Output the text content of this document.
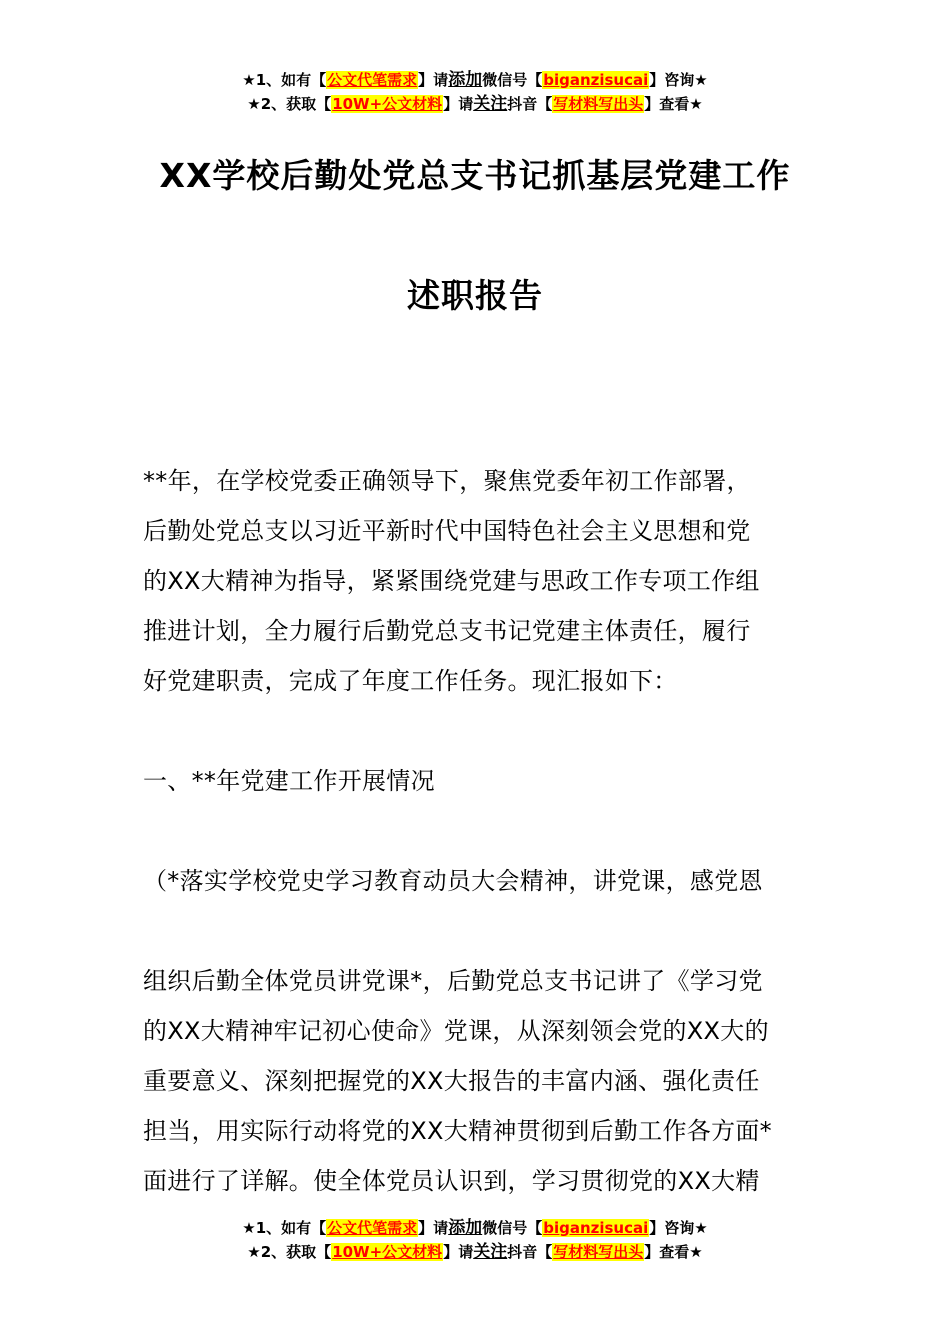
★1、如有【公文代笔需求】请添加微信号【biganzisucai】咨询★
★2、获取【10W+公文材料】请关注抖音【写材料写出头】查看★
XX学校后勤处党总支书记抓基层党建工作
述职报告
**年，在学校党委正确领导下，聚焦党委年初工作部署，
后勤处党总支以习近平新时代中国特色社会主义思想和党
的XX大精神为指导，紧紧围绕党建与思政工作专项工作组
推进计划，全力履行后勤党总支书记党建主体责任，履行
好党建职责，完成了年度工作任务。现汇报如下：
一、**年党建工作开展情况
（*落实学校党史学习教育动员大会精神，讲党课，感党恩
组织后勤全体党员讲党课*，后勤党总支书记讲了《学习党
的XX大精神牢记初心使命》党课，从深刻领会党的XX大的
重要意义、深刻把握党的XX大报告的丰富内涵、强化责任
担当，用实际行动将党的XX大精神贯彻到后勤工作各方面*
面进行了详解。使全体党员认识到，学习贯彻党的XX大精
★1、如有【公文代笔需求】请添加微信号【biganzisucai】咨询★
★2、获取【10W+公文材料】请关注抖音【写材料写出头】查看★
